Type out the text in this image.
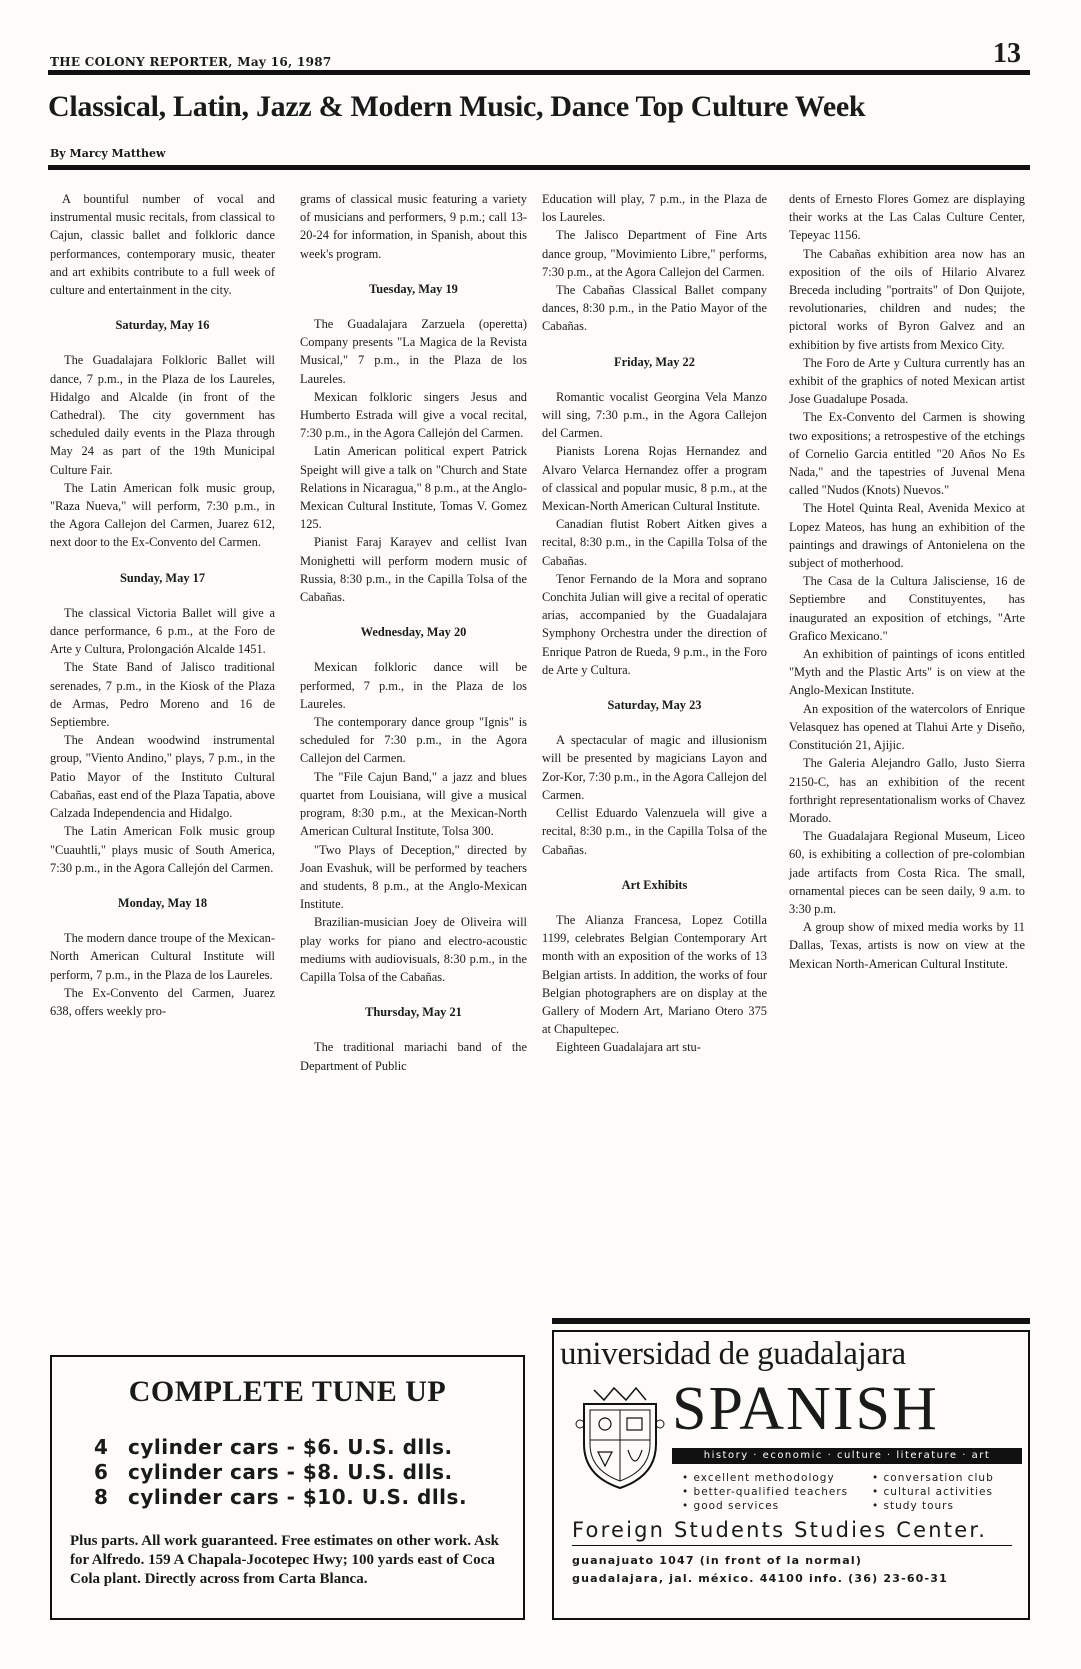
THE COLONY REPORTER, May 16, 1987	13
Classical, Latin, Jazz & Modern Music, Dance Top Culture Week
By Marcy Matthew

A bountiful number of vocal and instrumental music recitals, from classical to Cajun, classic ballet and folkloric dance performances, contemporary music, theater and art exhibits contribute to a full week of culture and entertainment in the city.

Saturday, May 16

The Guadalajara Folkloric Ballet will dance, 7 p.m., in the Plaza de los Laureles, Hidalgo and Alcalde (in front of the Cathedral). The city government has scheduled daily events in the Plaza through May 24 as part of the 19th Municipal Culture Fair.

The Latin American folk music group, "Raza Nueva," will perform, 7:30 p.m., in the Agora Callejon del Carmen, Juarez 612, next door to the Ex-Convento del Carmen.

Sunday, May 17

The classical Victoria Ballet will give a dance performance, 6 p.m., at the Foro de Arte y Cultura, Prolongación Alcalde 1451.

The State Band of Jalisco traditional serenades, 7 p.m., in the Kiosk of the Plaza de Armas, Pedro Moreno and 16 de Septiembre.

The Andean woodwind instrumental group, "Viento Andino," plays, 7 p.m., in the Patio Mayor of the Instituto Cultural Cabañas, east end of the Plaza Tapatia, above Calzada Independencia and Hidalgo.

The Latin American Folk music group "Cuauhtli," plays music of South America, 7:30 p.m., in the Agora Callejón del Carmen.

Monday, May 18

The modern dance troupe of the Mexican-North American Cultural Institute will perform, 7 p.m., in the Plaza de los Laureles.

The Ex-Convento del Carmen, Juarez 638, offers weekly pro-

grams of classical music featuring a variety of musicians and performers, 9 p.m.; call 13-20-24 for information, in Spanish, about this week's program.

Tuesday, May 19

The Guadalajara Zarzuela (operetta) Company presents "La Magica de la Revista Musical," 7 p.m., in the Plaza de los Laureles.

Mexican folkloric singers Jesus and Humberto Estrada will give a vocal recital, 7:30 p.m., in the Agora Callejón del Carmen.

Latin American political expert Patrick Speight will give a talk on "Church and State Relations in Nicaragua," 8 p.m., at the Anglo-Mexican Cultural Institute, Tomas V. Gomez 125.

Pianist Faraj Karayev and cellist Ivan Monighetti will perform modern music of Russia, 8:30 p.m., in the Capilla Tolsa of the Cabañas.

Wednesday, May 20

Mexican folkloric dance will be performed, 7 p.m., in the Plaza de los Laureles.

The contemporary dance group "Ignis" is scheduled for 7:30 p.m., in the Agora Callejon del Carmen.

The "File Cajun Band," a jazz and blues quartet from Louisiana, will give a musical program, 8:30 p.m., at the Mexican-North American Cultural Institute, Tolsa 300.

"Two Plays of Deception," directed by Joan Evashuk, will be performed by teachers and students, 8 p.m., at the Anglo-Mexican Institute.

Brazilian-musician Joey de Oliveira will play works for piano and electro-acoustic mediums with audiovisuals, 8:30 p.m., in the Capilla Tolsa of the Cabañas.

Thursday, May 21

The traditional mariachi band of the Department of Public

Education will play, 7 p.m., in the Plaza de los Laureles.

The Jalisco Department of Fine Arts dance group, "Movimiento Libre," performs, 7:30 p.m., at the Agora Callejon del Carmen.

The Cabañas Classical Ballet company dances, 8:30 p.m., in the Patio Mayor of the Cabañas.

Friday, May 22

Romantic vocalist Georgina Vela Manzo will sing, 7:30 p.m., in the Agora Callejon del Carmen.

Pianists Lorena Rojas Hernandez and Alvaro Velarca Hernandez offer a program of classical and popular music, 8 p.m., at the Mexican-North American Cultural Institute.

Canadian flutist Robert Aitken gives a recital, 8:30 p.m., in the Capilla Tolsa of the Cabañas.

Tenor Fernando de la Mora and soprano Conchita Julian will give a recital of operatic arias, accompanied by the Guadalajara Symphony Orchestra under the direction of Enrique Patron de Rueda, 9 p.m., in the Foro de Arte y Cultura.

Saturday, May 23

A spectacular of magic and illusionism will be presented by magicians Layon and Zor-Kor, 7:30 p.m., in the Agora Callejon del Carmen.

Cellist Eduardo Valenzuela will give a recital, 8:30 p.m., in the Capilla Tolsa of the Cabañas.

Art Exhibits

The Alianza Francesa, Lopez Cotilla 1199, celebrates Belgian Contemporary Art month with an exposition of the works of 13 Belgian artists. In addition, the works of four Belgian photographers are on display at the Gallery of Modern Art, Mariano Otero 375 at Chapultepec.

Eighteen Guadalajara art stu-

dents of Ernesto Flores Gomez are displaying their works at the Las Calas Culture Center, Tepeyac 1156.

The Cabañas exhibition area now has an exposition of the oils of Hilario Alvarez Breceda including "portraits" of Don Quijote, revolutionaries, children and nudes; the pictoral works of Byron Galvez and an exhibition by five artists from Mexico City.

The Foro de Arte y Cultura currently has an exhibit of the graphics of noted Mexican artist Jose Guadalupe Posada.

The Ex-Convento del Carmen is showing two expositions; a retrospestive of the etchings of Cornelio Garcia entitled "20 Años No Es Nada," and the tapestries of Juvenal Mena called "Nudos (Knots) Nuevos."

The Hotel Quinta Real, Avenida Mexico at Lopez Mateos, has hung an exhibition of the paintings and drawings of Antonielena on the subject of motherhood.

The Casa de la Cultura Jalisciense, 16 de Septiembre and Constituyentes, has inaugurated an exposition of etchings, "Arte Grafico Mexicano."

An exhibition of paintings of icons entitled "Myth and the Plastic Arts" is on view at the Anglo-Mexican Institute.

An exposition of the watercolors of Enrique Velasquez has opened at Tlahui Arte y Diseño, Constitución 21, Ajijic.

The Galeria Alejandro Gallo, Justo Sierra 2150-C, has an exhibition of the recent forthright representationalism works of Chavez Morado.

The Guadalajara Regional Museum, Liceo 60, is exhibiting a collection of pre-colombian jade artifacts from Costa Rica. The small, ornamental pieces can be seen daily, 9 a.m. to 3:30 p.m.

A group show of mixed media works by 11 Dallas, Texas, artists is now on view at the Mexican North-American Cultural Institute.

COMPLETE TUNE UP
4 cylinder cars - $6. U.S. dlls.
6 cylinder cars - $8. U.S. dlls.
8 cylinder cars - $10. U.S. dlls.
Plus parts. All work guaranteed. Free estimates on other work. Ask for Alfredo. 159 A Chapala-Jocotepec Hwy; 100 yards east of Coca Cola plant. Directly across from Carta Blanca.
universidad de guadalajara
SPANISH
history · economic · culture · literature · art
• excellent methodology
• better-qualified teachers
• good services
• conversation club
• cultural activities
• study tours
Foreign Students Studies Center.
guanajuato 1047 (in front of la normal)
guadalajara, jal. méxico. 44100 info. (36) 23-60-31
